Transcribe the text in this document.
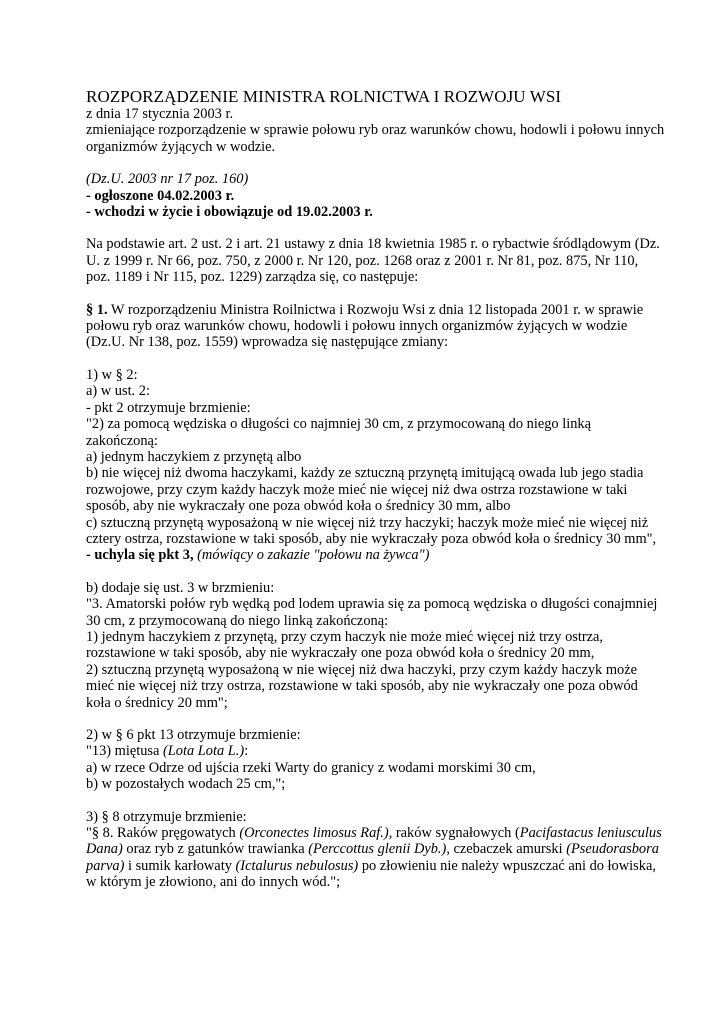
ROZPORZĄDZENIE MINISTRA ROLNICTWA I ROZWOJU WSI

z dnia 17 stycznia 2003 r.

zmieniające rozporządzenie w sprawie połowu ryb oraz warunków chowu, hodowli i połowu innych organizmów żyjących w wodzie.

(Dz.U. 2003 nr 17 poz. 160)

- ogłoszone 04.02.2003 r.

- wchodzi w życie i obowiązuje od 19.02.2003 r.

Na podstawie art. 2 ust. 2 i art. 21 ustawy z dnia 18 kwietnia 1985 r. o rybactwie śródlądowym (Dz. U. z 1999 r. Nr 66, poz. 750, z 2000 r. Nr 120, poz. 1268 oraz z 2001 r. Nr 81, poz. 875, Nr 110, poz. 1189 i Nr 115, poz. 1229) zarządza się, co następuje:

§ 1. W rozporządzeniu Ministra Roilnictwa i Rozwoju Wsi z dnia 12 listopada 2001 r. w sprawie połowu ryb oraz warunków chowu, hodowli i połowu innych organizmów żyjących w wodzie (Dz.U. Nr 138, poz. 1559) wprowadza się następujące zmiany:

1) w § 2:

a) w ust. 2:

- pkt 2 otrzymuje brzmienie:

"2) za pomocą wędziska o długości co najmniej 30 cm, z przymocowaną do niego linką zakończoną:

a) jednym haczykiem z przynętą albo

b) nie więcej niż dwoma haczykami, każdy ze sztuczną przynętą imitującą owada lub jego stadia rozwojowe, przy czym każdy haczyk może mieć nie więcej niż dwa ostrza rozstawione w taki sposób, aby nie wykraczały one poza obwód koła o średnicy 30 mm, albo

c) sztuczną przynętą wyposażoną w nie więcej niż trzy haczyki; haczyk może mieć nie więcej niż cztery ostrza, rozstawione w taki sposób, aby nie wykraczały poza obwód koła o średnicy 30 mm",

- uchyla się pkt 3, (mówiący o zakazie "połowu na żywca")

b) dodaje się ust. 3 w brzmieniu:

"3. Amatorski połów ryb wędką pod lodem uprawia się za pomocą wędziska o długości conajmniej 30 cm, z przymocowaną do niego linką zakończoną:

1) jednym haczykiem z przynętą, przy czym haczyk nie może mieć więcej niż trzy ostrza, rozstawione w taki sposób, aby nie wykraczały one poza obwód koła o średnicy 20 mm,

2) sztuczną przynętą wyposażoną w nie więcej niż dwa haczyki, przy czym każdy haczyk może mieć nie więcej niż trzy ostrza, rozstawione w taki sposób, aby nie wykraczały one poza obwód koła o średnicy 20 mm";

2) w § 6 pkt 13 otrzymuje brzmienie:

"13) miętusa (Lota Lota L.):

a) w rzece Odrze od ujścia rzeki Warty do granicy z wodami morskimi 30 cm,

b) w pozostałych wodach 25 cm,";

3) § 8 otrzymuje brzmienie:

"§ 8. Raków pręgowatych (Orconectes limosus Raf.), raków sygnałowych (Pacifastacus leniusculus Dana) oraz ryb z gatunków trawianka (Perccottus glenii Dyb.), czebaczek amurski (Pseudorasbora parva) i sumik karłowaty (Ictalurus nebulosus) po złowieniu nie należy wpuszczać ani do łowiska, w którym je złowiono, ani do innych wód.";
